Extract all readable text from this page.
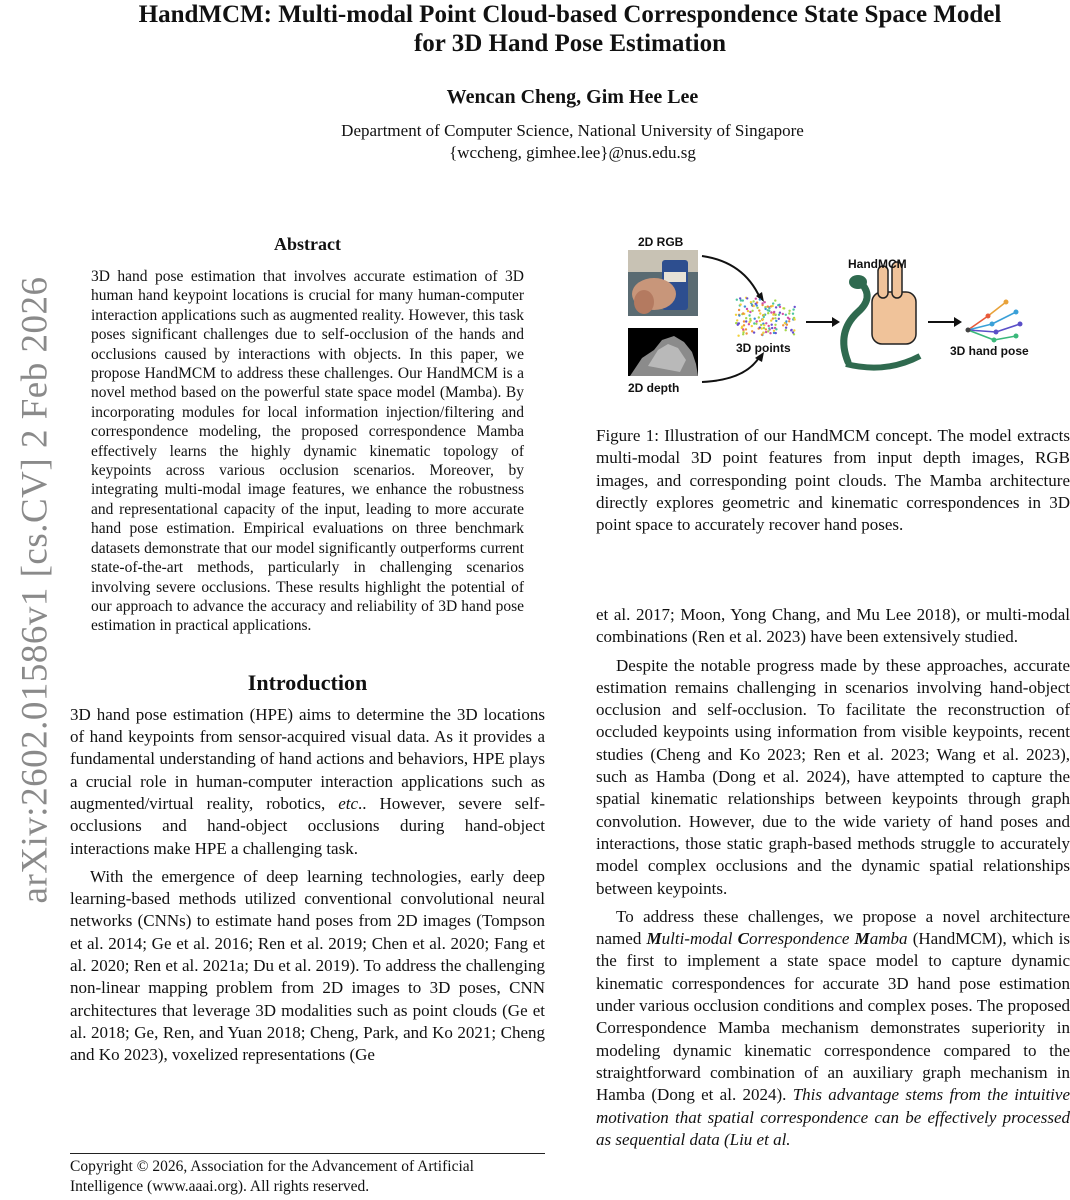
HandMCM: Multi-modal Point Cloud-based Correspondence State Space Model
for 3D Hand Pose Estimation
Wencan Cheng, Gim Hee Lee
Department of Computer Science, National University of Singapore
{wccheng, gimhee.lee}@nus.edu.sg
arXiv:2602.01586v1 [cs.CV] 2 Feb 2026
Abstract
3D hand pose estimation that involves accurate estimation of 3D human hand keypoint locations is crucial for many human-computer interaction applications such as augmented reality. However, this task poses significant challenges due to self-occlusion of the hands and occlusions caused by interactions with objects. In this paper, we propose HandMCM to address these challenges. Our HandMCM is a novel method based on the powerful state space model (Mamba). By incorporating modules for local information injection/filtering and correspondence modeling, the proposed correspondence Mamba effectively learns the highly dynamic kinematic topology of keypoints across various occlusion scenarios. Moreover, by integrating multi-modal image features, we enhance the robustness and representational capacity of the input, leading to more accurate hand pose estimation. Empirical evaluations on three benchmark datasets demonstrate that our model significantly outperforms current state-of-the-art methods, particularly in challenging scenarios involving severe occlusions. These results highlight the potential of our approach to advance the accuracy and reliability of 3D hand pose estimation in practical applications.
Introduction

3D hand pose estimation (HPE) aims to determine the 3D locations of hand keypoints from sensor-acquired visual data. As it provides a fundamental understanding of hand actions and behaviors, HPE plays a crucial role in human-computer interaction applications such as augmented/virtual reality, robotics, etc.. However, severe self-occlusions and hand-object occlusions during hand-object interactions make HPE a challenging task.

With the emergence of deep learning technologies, early deep learning-based methods utilized conventional convolutional neural networks (CNNs) to estimate hand poses from 2D images (Tompson et al. 2014; Ge et al. 2016; Ren et al. 2019; Chen et al. 2020; Fang et al. 2020; Ren et al. 2021a; Du et al. 2019). To address the challenging non-linear mapping problem from 2D images to 3D poses, CNN architectures that leverage 3D modalities such as point clouds (Ge et al. 2018; Ge, Ren, and Yuan 2018; Cheng, Park, and Ko 2021; Cheng and Ko 2023), voxelized representations (Ge

Copyright © 2026, Association for the Advancement of Artificial Intelligence (www.aaai.org). All rights reserved.
2D RGB
2D depth
3D points
HandMCM
3D hand pose
Figure 1: Illustration of our HandMCM concept. The model extracts multi-modal 3D point features from input depth images, RGB images, and corresponding point clouds. The Mamba architecture directly explores geometric and kinematic correspondences in 3D point space to accurately recover hand poses.

et al. 2017; Moon, Yong Chang, and Mu Lee 2018), or multi-modal combinations (Ren et al. 2023) have been extensively studied.

Despite the notable progress made by these approaches, accurate estimation remains challenging in scenarios involving hand-object occlusion and self-occlusion. To facilitate the reconstruction of occluded keypoints using information from visible keypoints, recent studies (Cheng and Ko 2023; Ren et al. 2023; Wang et al. 2023), such as Hamba (Dong et al. 2024), have attempted to capture the spatial kinematic relationships between keypoints through graph convolution. However, due to the wide variety of hand poses and interactions, those static graph-based methods struggle to accurately model complex occlusions and the dynamic spatial relationships between keypoints.

To address these challenges, we propose a novel architecture named Multi-modal Correspondence Mamba (HandMCM), which is the first to implement a state space model to capture dynamic kinematic correspondences for accurate 3D hand pose estimation under various occlusion conditions and complex poses. The proposed Correspondence Mamba mechanism demonstrates superiority in modeling dynamic kinematic correspondence compared to the straightforward combination of an auxiliary graph mechanism in Hamba (Dong et al. 2024). This advantage stems from the intuitive motivation that spatial correspondence can be effectively processed as sequential data (Liu et al.
